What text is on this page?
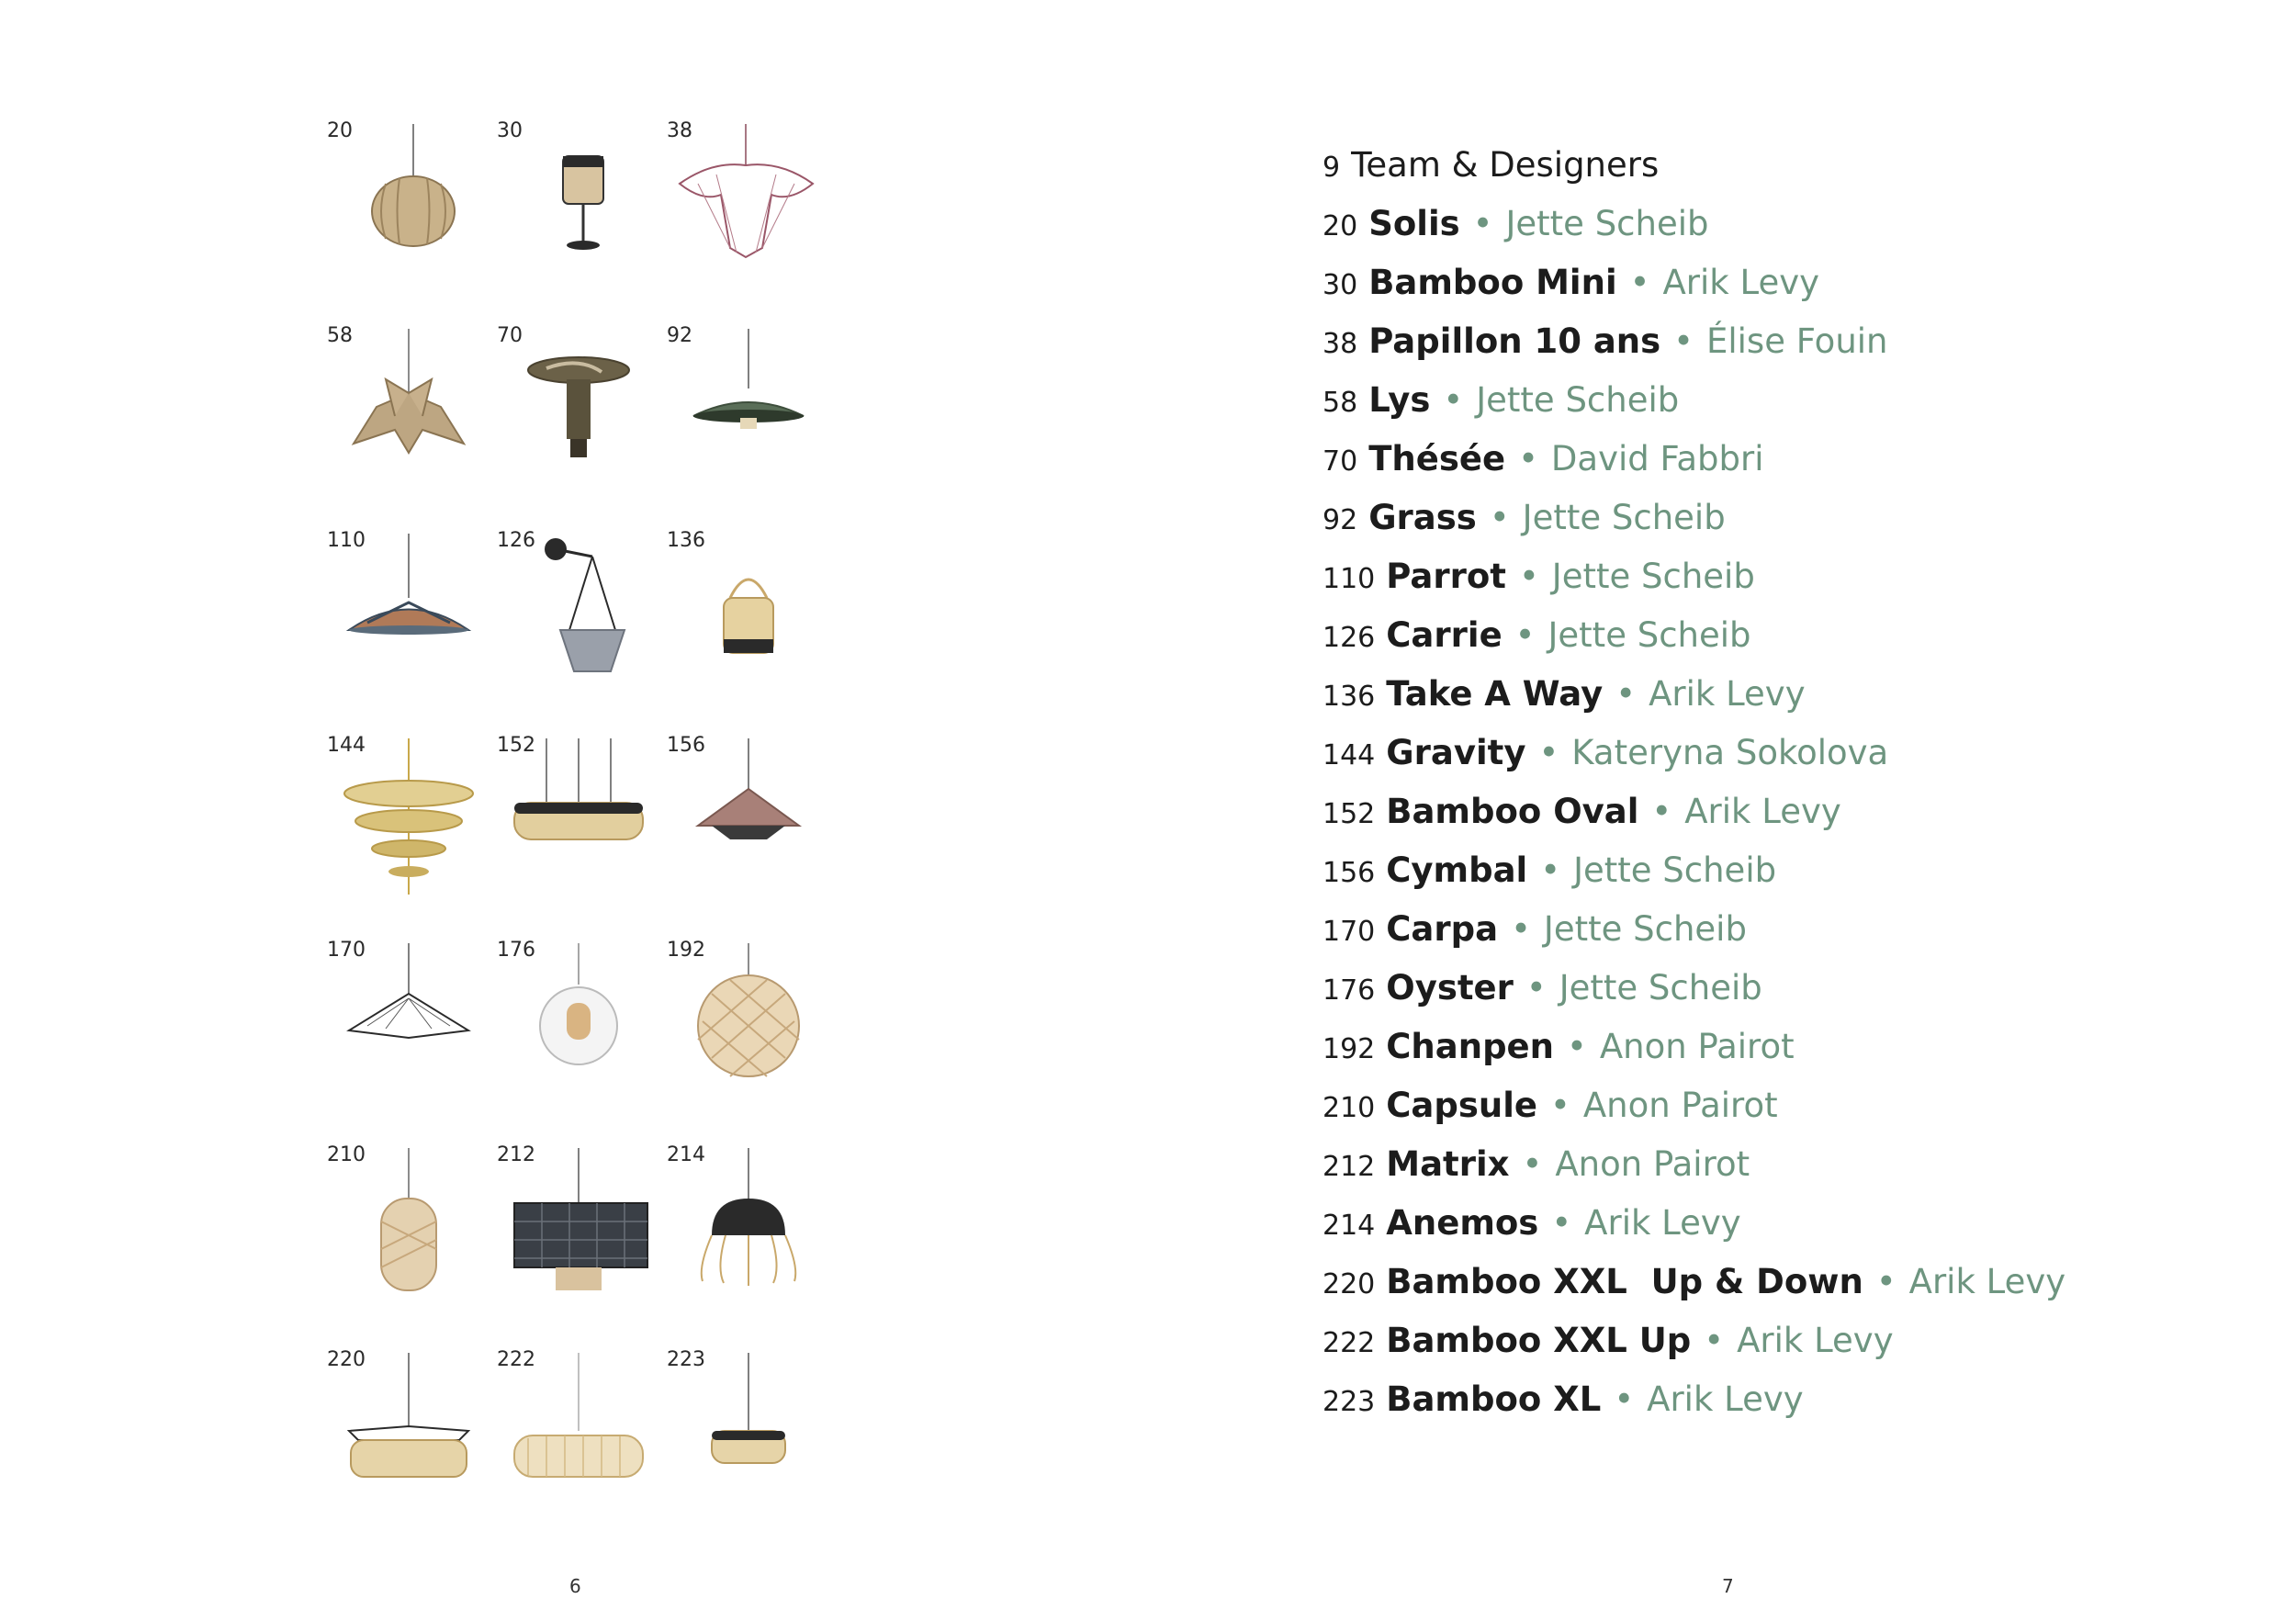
20	30	38
58	70	92
110	126	136
144	152	156
170	176	192
210	212	214
220	222	223
6
9 Team & Designers
20 Solis • Jette Scheib
30 Bamboo Mini • Arik Levy
38 Papillon 10 ans • Élise Fouin
58 Lys • Jette Scheib
70 Thésée • David Fabbri
92 Grass • Jette Scheib
110 Parrot • Jette Scheib
126 Carrie • Jette Scheib
136 Take A Way • Arik Levy
144 Gravity • Kateryna Sokolova
152 Bamboo Oval • Arik Levy
156 Cymbal • Jette Scheib
170 Carpa • Jette Scheib
176 Oyster • Jette Scheib
192 Chanpen • Anon Pairot
210 Capsule • Anon Pairot
212 Matrix • Anon Pairot
214 Anemos • Arik Levy
220 Bamboo XXL  Up & Down • Arik Levy
222 Bamboo XXL Up • Arik Levy
223 Bamboo XL • Arik Levy
7
